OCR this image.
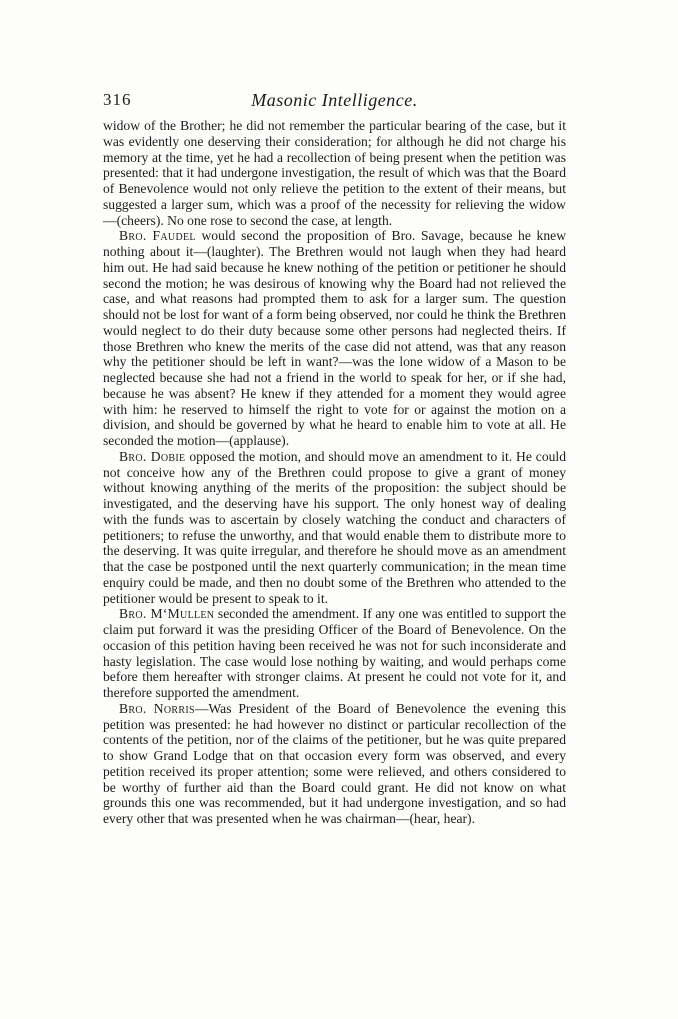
316	Masonic Intelligence.

widow of the Brother; he did not remember the particular bearing of the case, but it was evidently one deserving their consideration; for although he did not charge his memory at the time, yet he had a recollection of being present when the petition was presented: that it had undergone investigation, the result of which was that the Board of Benevolence would not only relieve the petition to the extent of their means, but suggested a larger sum, which was a proof of the necessity for relieving the widow—(cheers). No one rose to second the case, at length.

Bro. Faudel would second the proposition of Bro. Savage, because he knew nothing about it—(laughter). The Brethren would not laugh when they had heard him out. He had said because he knew nothing of the petition or petitioner he should second the motion; he was desirous of knowing why the Board had not relieved the case, and what reasons had prompted them to ask for a larger sum. The question should not be lost for want of a form being observed, nor could he think the Brethren would neglect to do their duty because some other persons had neglected theirs. If those Brethren who knew the merits of the case did not attend, was that any reason why the petitioner should be left in want?—was the lone widow of a Mason to be neglected because she had not a friend in the world to speak for her, or if she had, because he was absent? He knew if they attended for a moment they would agree with him: he reserved to himself the right to vote for or against the motion on a division, and should be governed by what he heard to enable him to vote at all. He seconded the motion—(applause).

Bro. Dobie opposed the motion, and should move an amendment to it. He could not conceive how any of the Brethren could propose to give a grant of money without knowing anything of the merits of the proposition: the subject should be investigated, and the deserving have his support. The only honest way of dealing with the funds was to ascertain by closely watching the conduct and characters of petitioners; to refuse the unworthy, and that would enable them to distribute more to the deserving. It was quite irregular, and therefore he should move as an amendment that the case be postponed until the next quarterly communication; in the mean time enquiry could be made, and then no doubt some of the Brethren who attended to the petitioner would be present to speak to it.

Bro. M‘Mullen seconded the amendment. If any one was entitled to support the claim put forward it was the presiding Officer of the Board of Benevolence. On the occasion of this petition having been received he was not for such inconsiderate and hasty legislation. The case would lose nothing by waiting, and would perhaps come before them hereafter with stronger claims. At present he could not vote for it, and therefore supported the amendment.

Bro. Norris—Was President of the Board of Benevolence the evening this petition was presented: he had however no distinct or particular recollection of the contents of the petition, nor of the claims of the petitioner, but he was quite prepared to show Grand Lodge that on that occasion every form was observed, and every petition received its proper attention; some were relieved, and others considered to be worthy of further aid than the Board could grant. He did not know on what grounds this one was recommended, but it had undergone investigation, and so had every other that was presented when he was chairman—(hear, hear).
